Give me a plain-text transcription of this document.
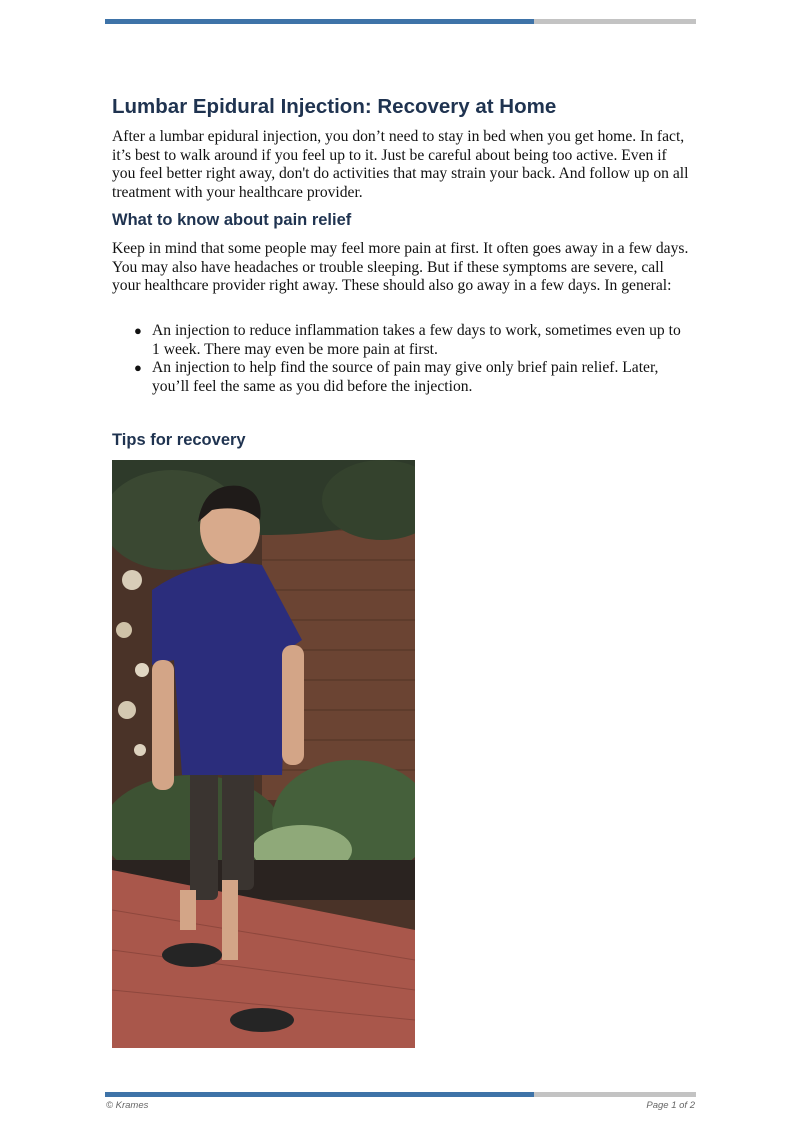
Lumbar Epidural Injection: Recovery at Home

After a lumbar epidural injection, you don’t need to stay in bed when you get home. In fact, it’s best to walk around if you feel up to it. Just be careful about being too active. Even if you feel better right away, don't do activities that may strain your back. And follow up on all treatment with your healthcare provider.

What to know about pain relief

Keep in mind that some people may feel more pain at first. It often goes away in a few days. You may also have headaches or trouble sleeping. But if these symptoms are severe, call your healthcare provider right away. These should also go away in a few days. In general:

● An injection to reduce inflammation takes a few days to work, sometimes even up to 1 week. There may even be more pain at first.
● An injection to help find the source of pain may give only brief pain relief. Later, you’ll feel the same as you did before the injection.
Tips for recovery
© Krames	Page 1 of 2
